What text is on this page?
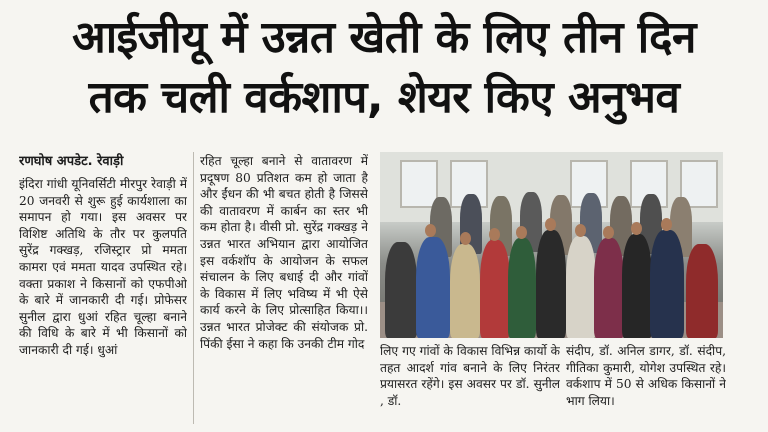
आईजीयू में उन्नत खेती के लिए तीन दिन
तक चली वर्कशाप, शेयर किए अनुभव
रणघोष अपडेट. रेवाड़ी
इंदिरा गांधी यूनिवर्सिटी मीरपुर रेवाड़ी में 20 जनवरी से शुरू हुई कार्यशाला का समापन हो गया। इस अवसर पर विशिष्ट अतिथि के तौर पर कुलपति सुरेंद्र गक्खड़, रजिस्ट्रार प्रो ममता कामरा एवं ममता यादव उपस्थित रहे। वक्ता प्रकाश ने किसानों को एफपीओ के बारे में जानकारी दी गई। प्रोफेसर सुनील द्वारा धुआं रहित चूल्हा बनाने की विधि के बारे में भी किसानों को जानकारी दी गई। धुआं
रहित चूल्हा बनाने से वातावरण में प्रदूषण 80 प्रतिशत कम हो जाता है और ईंधन की भी बचत होती है जिससे की वातावरण में कार्बन का स्तर भी कम होता है। वीसी प्रो. सुरेंद्र गक्खड़ ने उन्नत भारत अभियान द्वारा आयोजित इस वर्कशॉप के आयोजन के सफल संचालन के लिए बधाई दी और गांवों के विकास में लिए भविष्य में भी ऐसे कार्य करने के लिए प्रोत्साहित किया।। उन्नत भारत प्रोजेक्ट की संयोजक प्रो. पिंकी ईसा ने कहा कि उनकी टीम गोद
लिए गए गांवों के विकास विभिन्न कार्यो के तहत आदर्श गांव बनाने के लिए निरंतर प्रयासरत रहेंगे। इस अवसर पर डॉ. सुनील , डॉ.
संदीप, डॉ. अनिल डागर, डॉ. संदीप, गीतिका कुमारी, योगेश उपस्थित रहे। वर्कशाप में 50 से अधिक किसानों ने भाग लिया।
